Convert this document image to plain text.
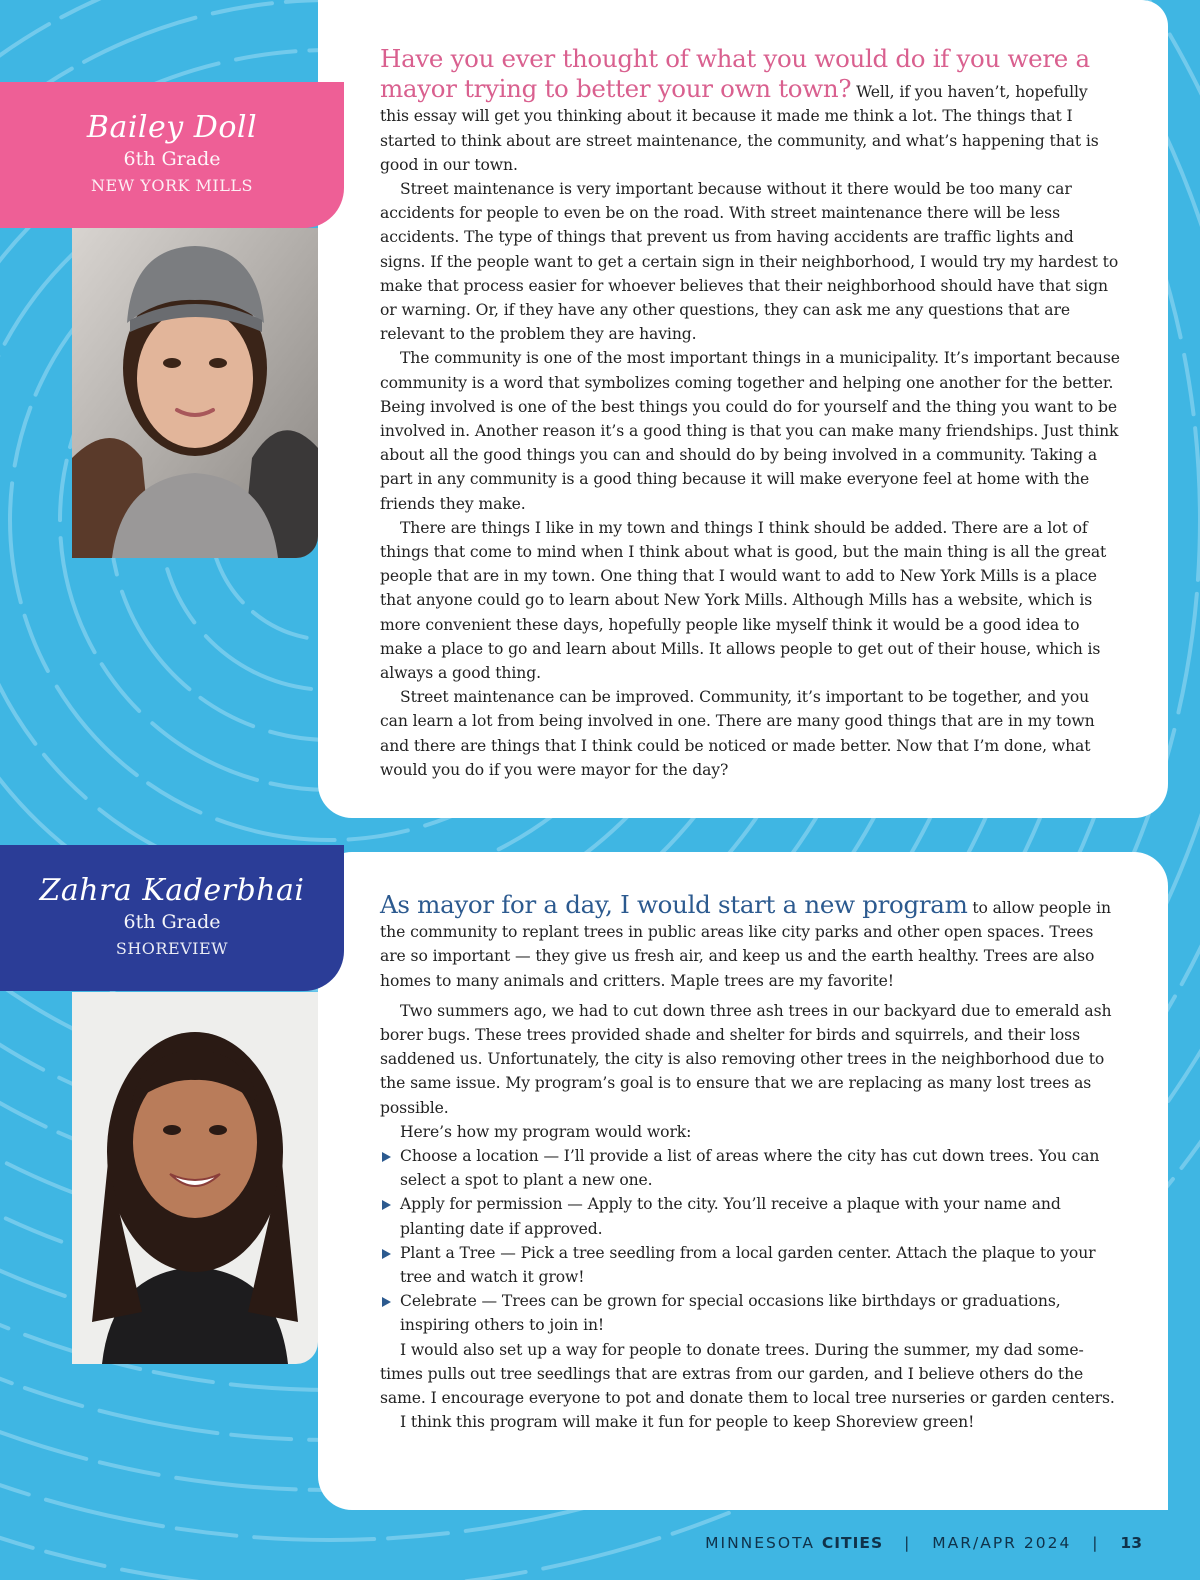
Have you ever thought of what you would do if you were a mayor trying to better your own town? Well, if you haven’t, hopefully this essay will get you thinking about it because it made me think a lot. The things that I started to think about are street maintenance, the community, and what’s happening that is good in our town.

Street maintenance is very important because without it there would be too many car accidents for people to even be on the road. With street maintenance there will be less accidents. The type of things that prevent us from having accidents are traffic lights and signs. If the people want to get a certain sign in their neighborhood, I would try my hardest to make that process easier for whoever believes that their neighborhood should have that sign or warning. Or, if they have any other questions, they can ask me any questions that are relevant to the problem they are having.

The community is one of the most important things in a municipality. It’s important because community is a word that symbolizes coming together and helping one another for the better. Being involved is one of the best things you could do for yourself and the thing you want to be involved in. Another reason it’s a good thing is that you can make many friendships. Just think about all the good things you can and should do by being involved in a community. Taking a part in any community is a good thing because it will make everyone feel at home with the friends they make.

There are things I like in my town and things I think should be added. There are a lot of things that come to mind when I think about what is good, but the main thing is all the great people that are in my town. One thing that I would want to add to New York Mills is a place that anyone could go to learn about New York Mills. Although Mills has a website, which is more convenient these days, hopefully people like myself think it would be a good idea to make a place to go and learn about Mills. It allows people to get out of their house, which is always a good thing.

Street maintenance can be improved. Community, it’s important to be together, and you can learn a lot from being involved in one. There are many good things that are in my town and there are things that I think could be noticed or made better. Now that I’m done, what would you do if you were mayor for the day?

Bailey Doll
6th Grade
NEW YORK MILLS

As mayor for a day, I would start a new program to allow people in the community to replant trees in public areas like city parks and other open spaces. Trees are so important — they give us fresh air, and keep us and the earth healthy. Trees are also homes to many animals and critters. Maple trees are my favorite!

Two summers ago, we had to cut down three ash trees in our backyard due to emerald ash borer bugs. These trees provided shade and shelter for birds and squirrels, and their loss saddened us. Unfortunately, the city is also removing other trees in the neighborhood due to the same issue. My program’s goal is to ensure that we are replacing as many lost trees as possible.

Here’s how my program would work:

Choose a location — I’ll provide a list of areas where the city has cut down trees. You can select a spot to plant a new one.
Apply for permission — Apply to the city. You’ll receive a plaque with your name and planting date if approved.
Plant a Tree — Pick a tree seedling from a local garden center. Attach the plaque to your tree and watch it grow!
Celebrate — Trees can be grown for special occasions like birthdays or graduations, inspiring others to join in!

I would also set up a way for people to donate trees. During the summer, my dad sometimes pulls out tree seedlings that are extras from our garden, and I believe others do the same. I encourage everyone to pot and donate them to local tree nurseries or garden centers.

I think this program will make it fun for people to keep Shoreview green!

Zahra Kaderbhai
6th Grade
SHOREVIEW
MINNESOTA CITIES | MAR/APR 2024 | 13
